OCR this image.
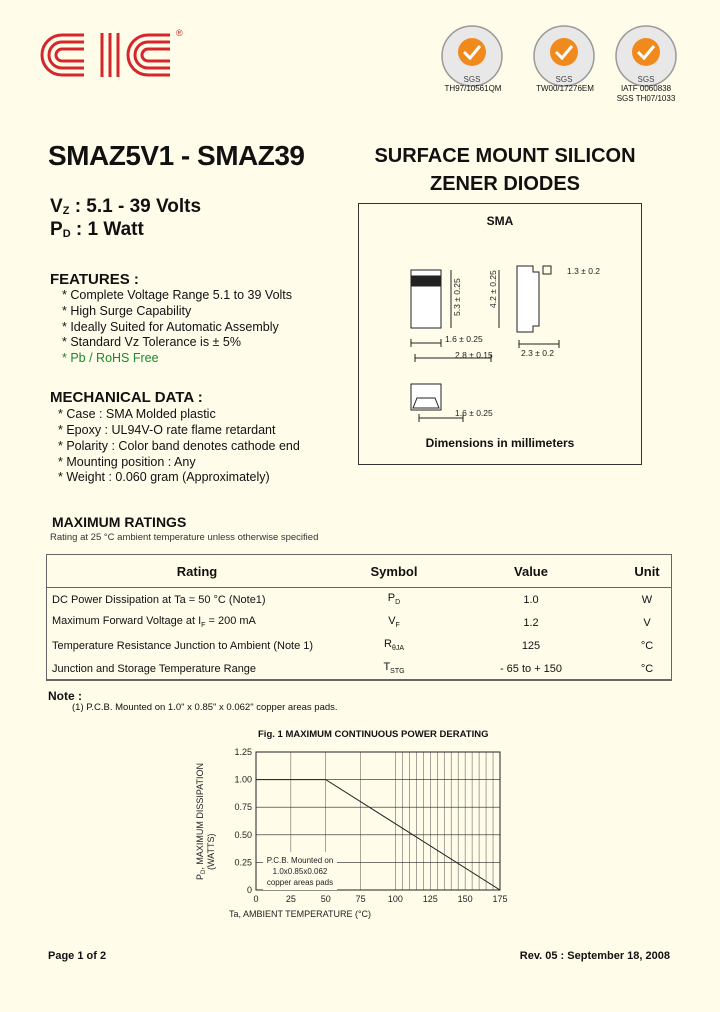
®
EIC
SGS
TH97/10561QM
SGS
TW00/17276EM
SGS
IATF 0060838
SGS TH07/1033
SMAZ5V1 - SMAZ39	SURFACE MOUNT SILICON
ZENER DIODES
$V_Z$ : 5.1 - 39 Volts
$P_D$ : 1 Watt
FEATURES :
* Complete Voltage Range 5.1 to 39 Volts
* High Surge Capability
* Ideally Suited for Automatic Assembly
* Standard Vz Tolerance is ± 5%
* Pb / RoHS Free
MECHANICAL DATA :
* Case : SMA Molded plastic
* Epoxy : UL94V-O rate flame retardant
* Polarity : Color band denotes cathode end
* Mounting position : Any
* Weight : 0.060 gram (Approximately)
SMA
1.3 ± 0.2
4.2 ± 0.25
5.3 ± 0.25
1.6 ± 0.25
2.8 ± 0.15	2.3 ± 0.2
1.6 ± 0.25
Dimensions in millimeters
MAXIMUM RATINGS
Rating at 25 °C ambient temperature unless otherwise specified
Rating	Symbol	Value	Unit
DC Power Dissipation at Ta = 50 °C (Note1)	$P_D$	1.0	W
Maximum Forward Voltage at $I_F = 200$ mA	$V_F$	1.2	V
Temperature Resistance Junction to Ambient (Note 1)	$R_{\theta JA}$	125	°C
Junction and Storage Temperature Range	$T_{STG}$	- 65 to + 150	°C
Note :
(1) P.C.B. Mounted on 1.0" x 0.85" x 0.062" copper areas pads.
Fig. 1 MAXIMUM CONTINUOUS POWER DERATING
0
0.25
0.50
0.75
1.00
1.25
0	25	50	75 100 125 150 175
P.C.B. Mounted on
1.0x0.85x0.062
copper areas pads
Ta, AMBIENT TEMPERATURE (°C)
$P_D$, MAXIMUM DISSIPATION (WATTS)
Page 1 of 2	Rev. 05 : September 18, 2008
